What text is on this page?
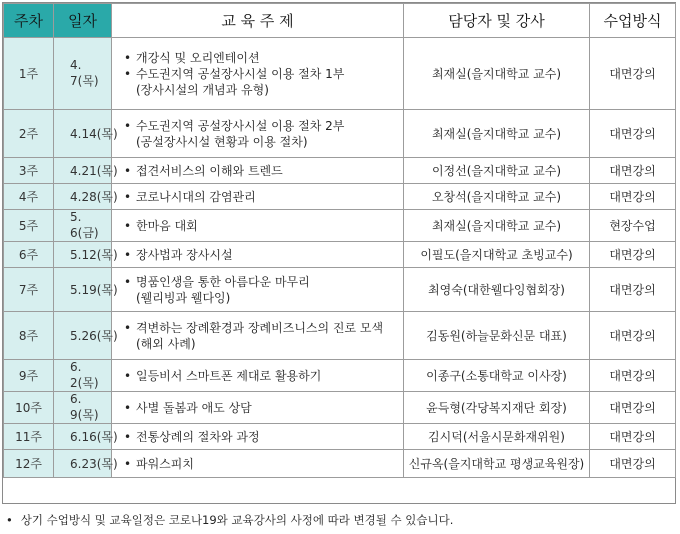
주차	일자	교 육 주 제	담당자 및 강사	수업방식
1주	4. 7(목)	• 개강식 및 오리엔테이션
• 수도권지역 공설장사시설 이용 절차 1부
(장사시설의 개념과 유형)	최재실(을지대학교 교수)	대면강의
2주	4.14(목)	• 수도권지역 공설장사시설 이용 절차 2부
(공설장사시설 현황과 이용 절차)	최재실(을지대학교 교수)	대면강의
3주	4.21(목)	• 접견서비스의 이해와 트렌드	이정선(을지대학교 교수)	대면강의
4주	4.28(목)	• 코로나시대의 감염관리	오창석(을지대학교 교수)	대면강의
5주	5. 6(금)	• 한마음 대회	최재실(을지대학교 교수)	현장수업
6주	5.12(목)	• 장사법과 장사시설	이필도(을지대학교 초빙교수)	대면강의
7주	5.19(목)	• 명품인생을 통한 아름다운 마무리
(웰리빙과 웰다잉)	최영숙(대한웰다잉협회장)	대면강의
8주	5.26(목)	• 격변하는 장례환경과 장례비즈니스의 진로 모색
(해외 사례)	김동원(하늘문화신문 대표)	대면강의
9주	6. 2(목)	• 일등비서 스마트폰 제대로 활용하기	이종구(소통대학교 이사장)	대면강의
10주	6. 9(목)	• 사별 돌봄과 애도 상담	윤득형(각당복지재단 회장)	대면강의
11주	6.16(목)	• 전통상례의 절차와 과정	김시덕(서울시문화재위원)	대면강의
12주	6.23(목)	• 파워스피치	신규옥(을지대학교 평생교육원장)	대면강의
• 상기 수업방식 및 교육일정은 코로나19와 교육강사의 사정에 따라 변경될 수 있습니다.
